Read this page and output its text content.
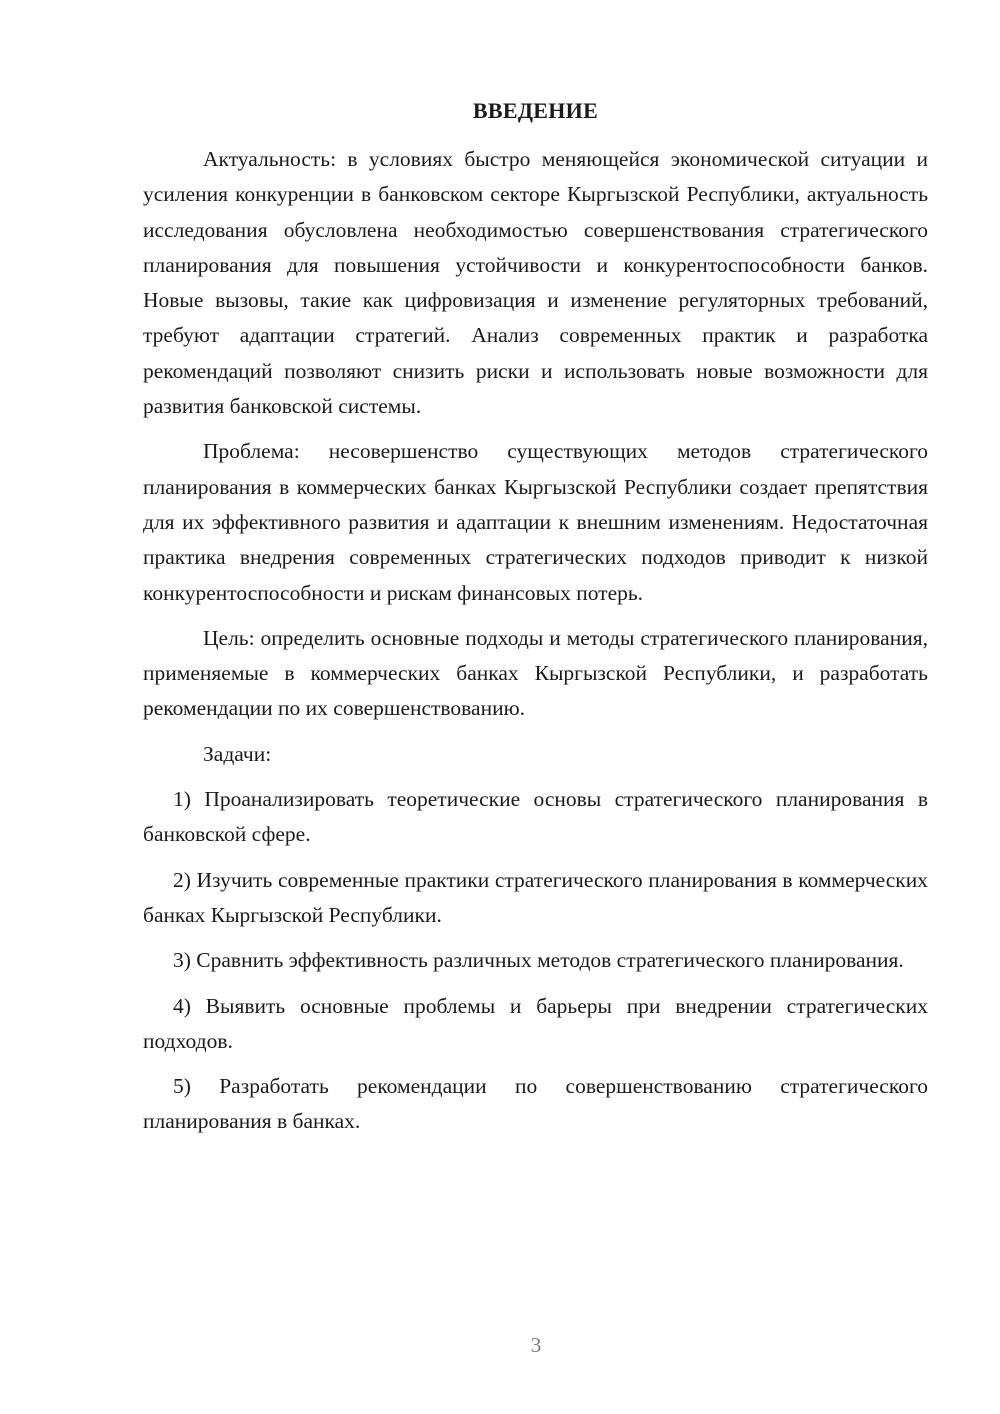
ВВЕДЕНИЕ

Актуальность: в условиях быстро меняющейся экономической ситуации и усиления конкуренции в банковском секторе Кыргызской Республики, актуальность исследования обусловлена необходимостью совершенствования стратегического планирования для повышения устойчивости и конкурентоспособности банков. Новые вызовы, такие как цифровизация и изменение регуляторных требований, требуют адаптации стратегий. Анализ современных практик и разработка рекомендаций позволяют снизить риски и использовать новые возможности для развития банковской системы.

Проблема: несовершенство существующих методов стратегического планирования в коммерческих банках Кыргызской Республики создает препятствия для их эффективного развития и адаптации к внешним изменениям. Недостаточная практика внедрения современных стратегических подходов приводит к низкой конкурентоспособности и рискам финансовых потерь.

Цель: определить основные подходы и методы стратегического планирования, применяемые в коммерческих банках Кыргызской Республики, и разработать рекомендации по их совершенствованию.

Задачи:

1) Проанализировать теоретические основы стратегического планирования в банковской сфере.

2) Изучить современные практики стратегического планирования в коммерческих банках Кыргызской Республики.

3) Сравнить эффективность различных методов стратегического планирования.

4) Выявить основные проблемы и барьеры при внедрении стратегических подходов.

5) Разработать рекомендации по совершенствованию стратегического планирования в банках.

3
